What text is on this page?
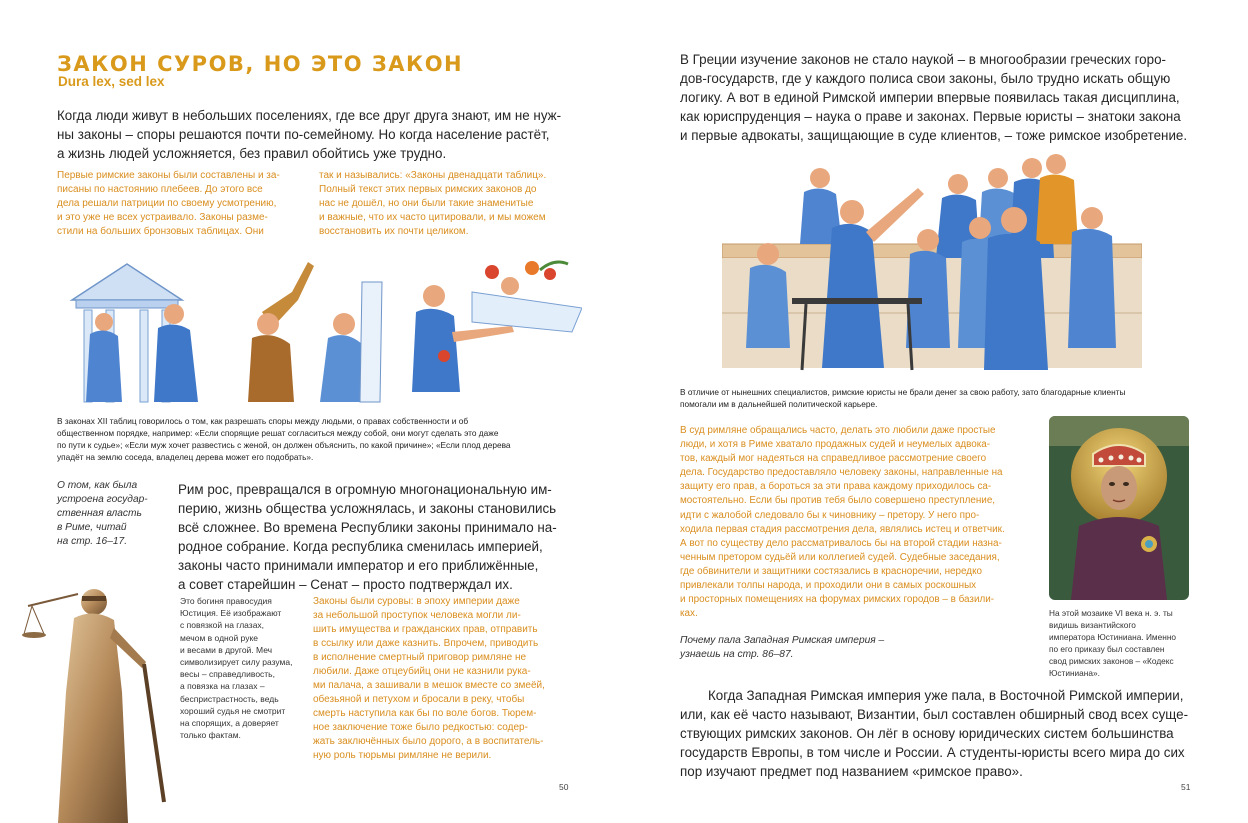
ЗАКОН СУРОВ, НО ЭТО ЗАКОН
Dura lex, sed lex
Когда люди живут в небольших поселениях, где все друг друга знают, им не нуж-
ны законы – споры решаются почти по-семейному. Но когда население растёт,
а жизнь людей усложняется, без правил обойтись уже трудно.
Первые римские законы были составлены и за-
писаны по настоянию плебеев. До этого все
дела решали патриции по своему усмотрению,
и это уже не всех устраивало. Законы разме-
стили на больших бронзовых таблицах. Они
так и назывались: «Законы двенадцати таблиц».
Полный текст этих первых римских законов до
нас не дошёл, но они были такие знаменитые
и важные, что их часто цитировали, и мы можем
восстановить их почти целиком.
В законах XII таблиц говорилось о том, как разрешать споры между людьми, о правах собственности и об
общественном порядке, например: «Если спорящие решат согласиться между собой, они могут сделать это даже
по пути к судье»; «Если муж хочет развестись с женой, он должен объяснить, по какой причине»; «Если плод дерева
упадёт на землю соседа, владелец дерева может его подобрать».
О том, как была
устроена государ-
ственная власть
в Риме, читай
на стр. 16–17.
Рим рос, превращался в огромную многонациональную им-
перию, жизнь общества усложнялась, и законы становились
всё сложнее. Во времена Республики законы принимало на-
родное собрание. Когда республика сменилась империей,
законы часто принимали император и его приближённые,
а совет старейшин – Сенат – просто подтверждал их.
Это богиня правосудия
Юстиция. Её изображают
с повязкой на глазах,
мечом в одной руке
и весами в другой. Меч
символизирует силу разума,
весы – справедливость,
а повязка на глазах –
беспристрастность, ведь
хороший судья не смотрит
на спорящих, а доверяет
только фактам.
Законы были суровы: в эпоху империи даже
за небольшой проступок человека могли ли-
шить имущества и гражданских прав, отправить
в ссылку или даже казнить. Впрочем, приводить
в исполнение смертный приговор римляне не
любили. Даже отцеубийц они не казнили рука-
ми палача, а зашивали в мешок вместе со змеёй,
обезьяной и петухом и бросали в реку, чтобы
смерть наступила как бы по воле богов. Тюрем-
ное заключение тоже было редкостью: содер-
жать заключённых было дорого, а в воспитатель-
ную роль тюрьмы римляне не верили.
50
В Греции изучение законов не стало наукой – в многообразии греческих горо-
дов-государств, где у каждого полиса свои законы, было трудно искать общую
логику. А вот в единой Римской империи впервые появилась такая дисциплина,
как юриспруденция – наука о праве и законах. Первые юристы – знатоки закона
и первые адвокаты, защищающие в суде клиентов, – тоже римское изобретение.
В отличие от нынешних специалистов, римские юристы не брали денег за свою работу, зато благодарные клиенты
помогали им в дальнейшей политической карьере.
В суд римляне обращались часто, делать это любили даже простые
люди, и хотя в Риме хватало продажных судей и неумелых адвока-
тов, каждый мог надеяться на справедливое рассмотрение своего
дела. Государство предоставляло человеку законы, направленные на
защиту его прав, а бороться за эти права каждому приходилось са-
мостоятельно. Если бы против тебя было совершено преступление,
идти с жалобой следовало бы к чиновнику – претору. У него про-
ходила первая стадия рассмотрения дела, являлись истец и ответчик.
А вот по существу дело рассматривалось бы на второй стадии назна-
ченным претором судьёй или коллегией судей. Судебные заседания,
где обвинители и защитники состязались в красноречии, нередко
привлекали толпы народа, и проходили они в самых роскошных
и просторных помещениях на форумах римских городов – в базили-
ках.	На этой мозаике VI века н. э. ты
видишь византийского
императора Юстиниана. Именно
по его приказу был составлен
свод римских законов – «Кодекс
Юстиниана».
Почему пала Западная Римская империя –
узнаешь на стр. 86–87.
Когда Западная Римская империя уже пала, в Восточной Римской империи,
или, как её часто называют, Византии, был составлен обширный свод всех суще-
ствующих римских законов. Он лёг в основу юридических систем большинства
государств Европы, в том числе и России. А студенты-юристы всего мира до сих
пор изучают предмет под названием «римское право».
51
